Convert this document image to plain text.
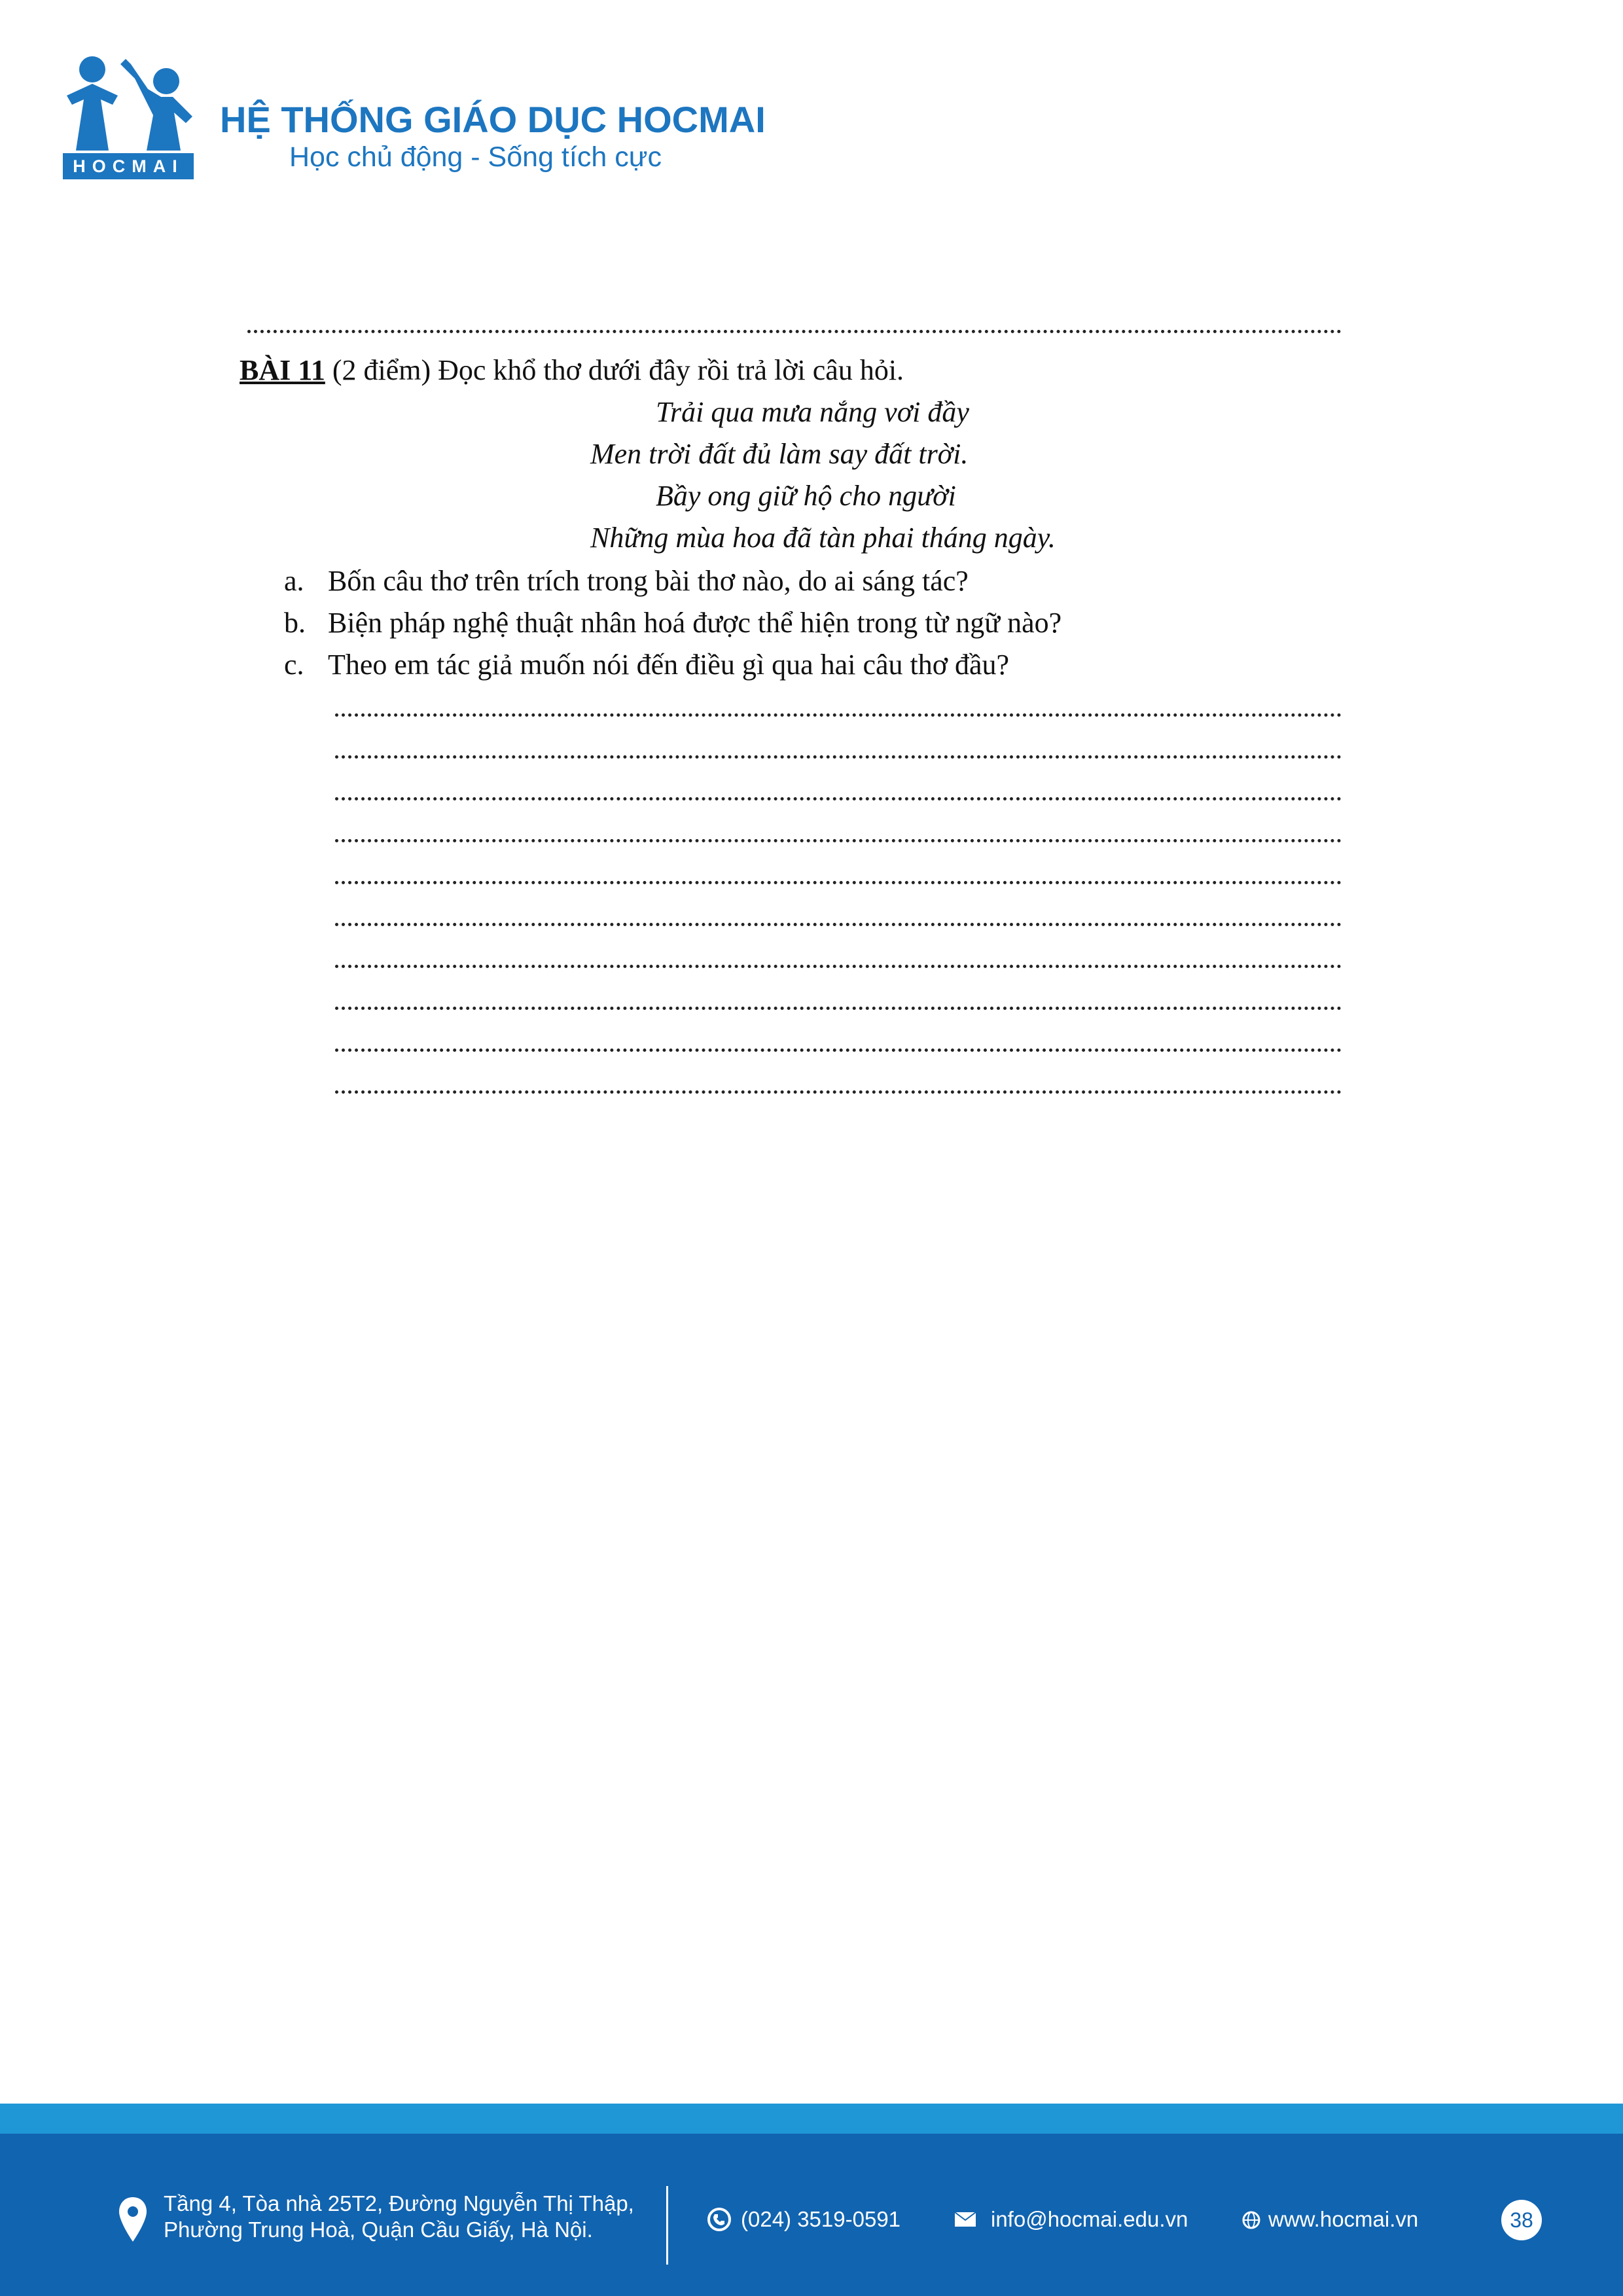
HOCMAI
HỆ THỐNG GIÁO DỤC HOCMAI
Học chủ động - Sống tích cực
BÀI 11 (2 điểm) Đọc khổ thơ dưới đây rồi trả lời câu hỏi.
Trải qua mưa nắng vơi đầy
Men trời đất đủ làm say đất trời.
Bầy ong giữ hộ cho người
Những mùa hoa đã tàn phai tháng ngày.
a. Bốn câu thơ trên trích trong bài thơ nào, do ai sáng tác?
b. Biện pháp nghệ thuật nhân hoá được thể hiện trong từ ngữ nào?
c. Theo em tác giả muốn nói đến điều gì qua hai câu thơ đầu?
Tầng 4, Tòa nhà 25T2, Đường Nguyễn Thị Thập,
Phường Trung Hoà, Quận Cầu Giấy, Hà Nội.	(024) 3519-0591	info@hocmai.edu.vn	www.hocmai.vn	38
